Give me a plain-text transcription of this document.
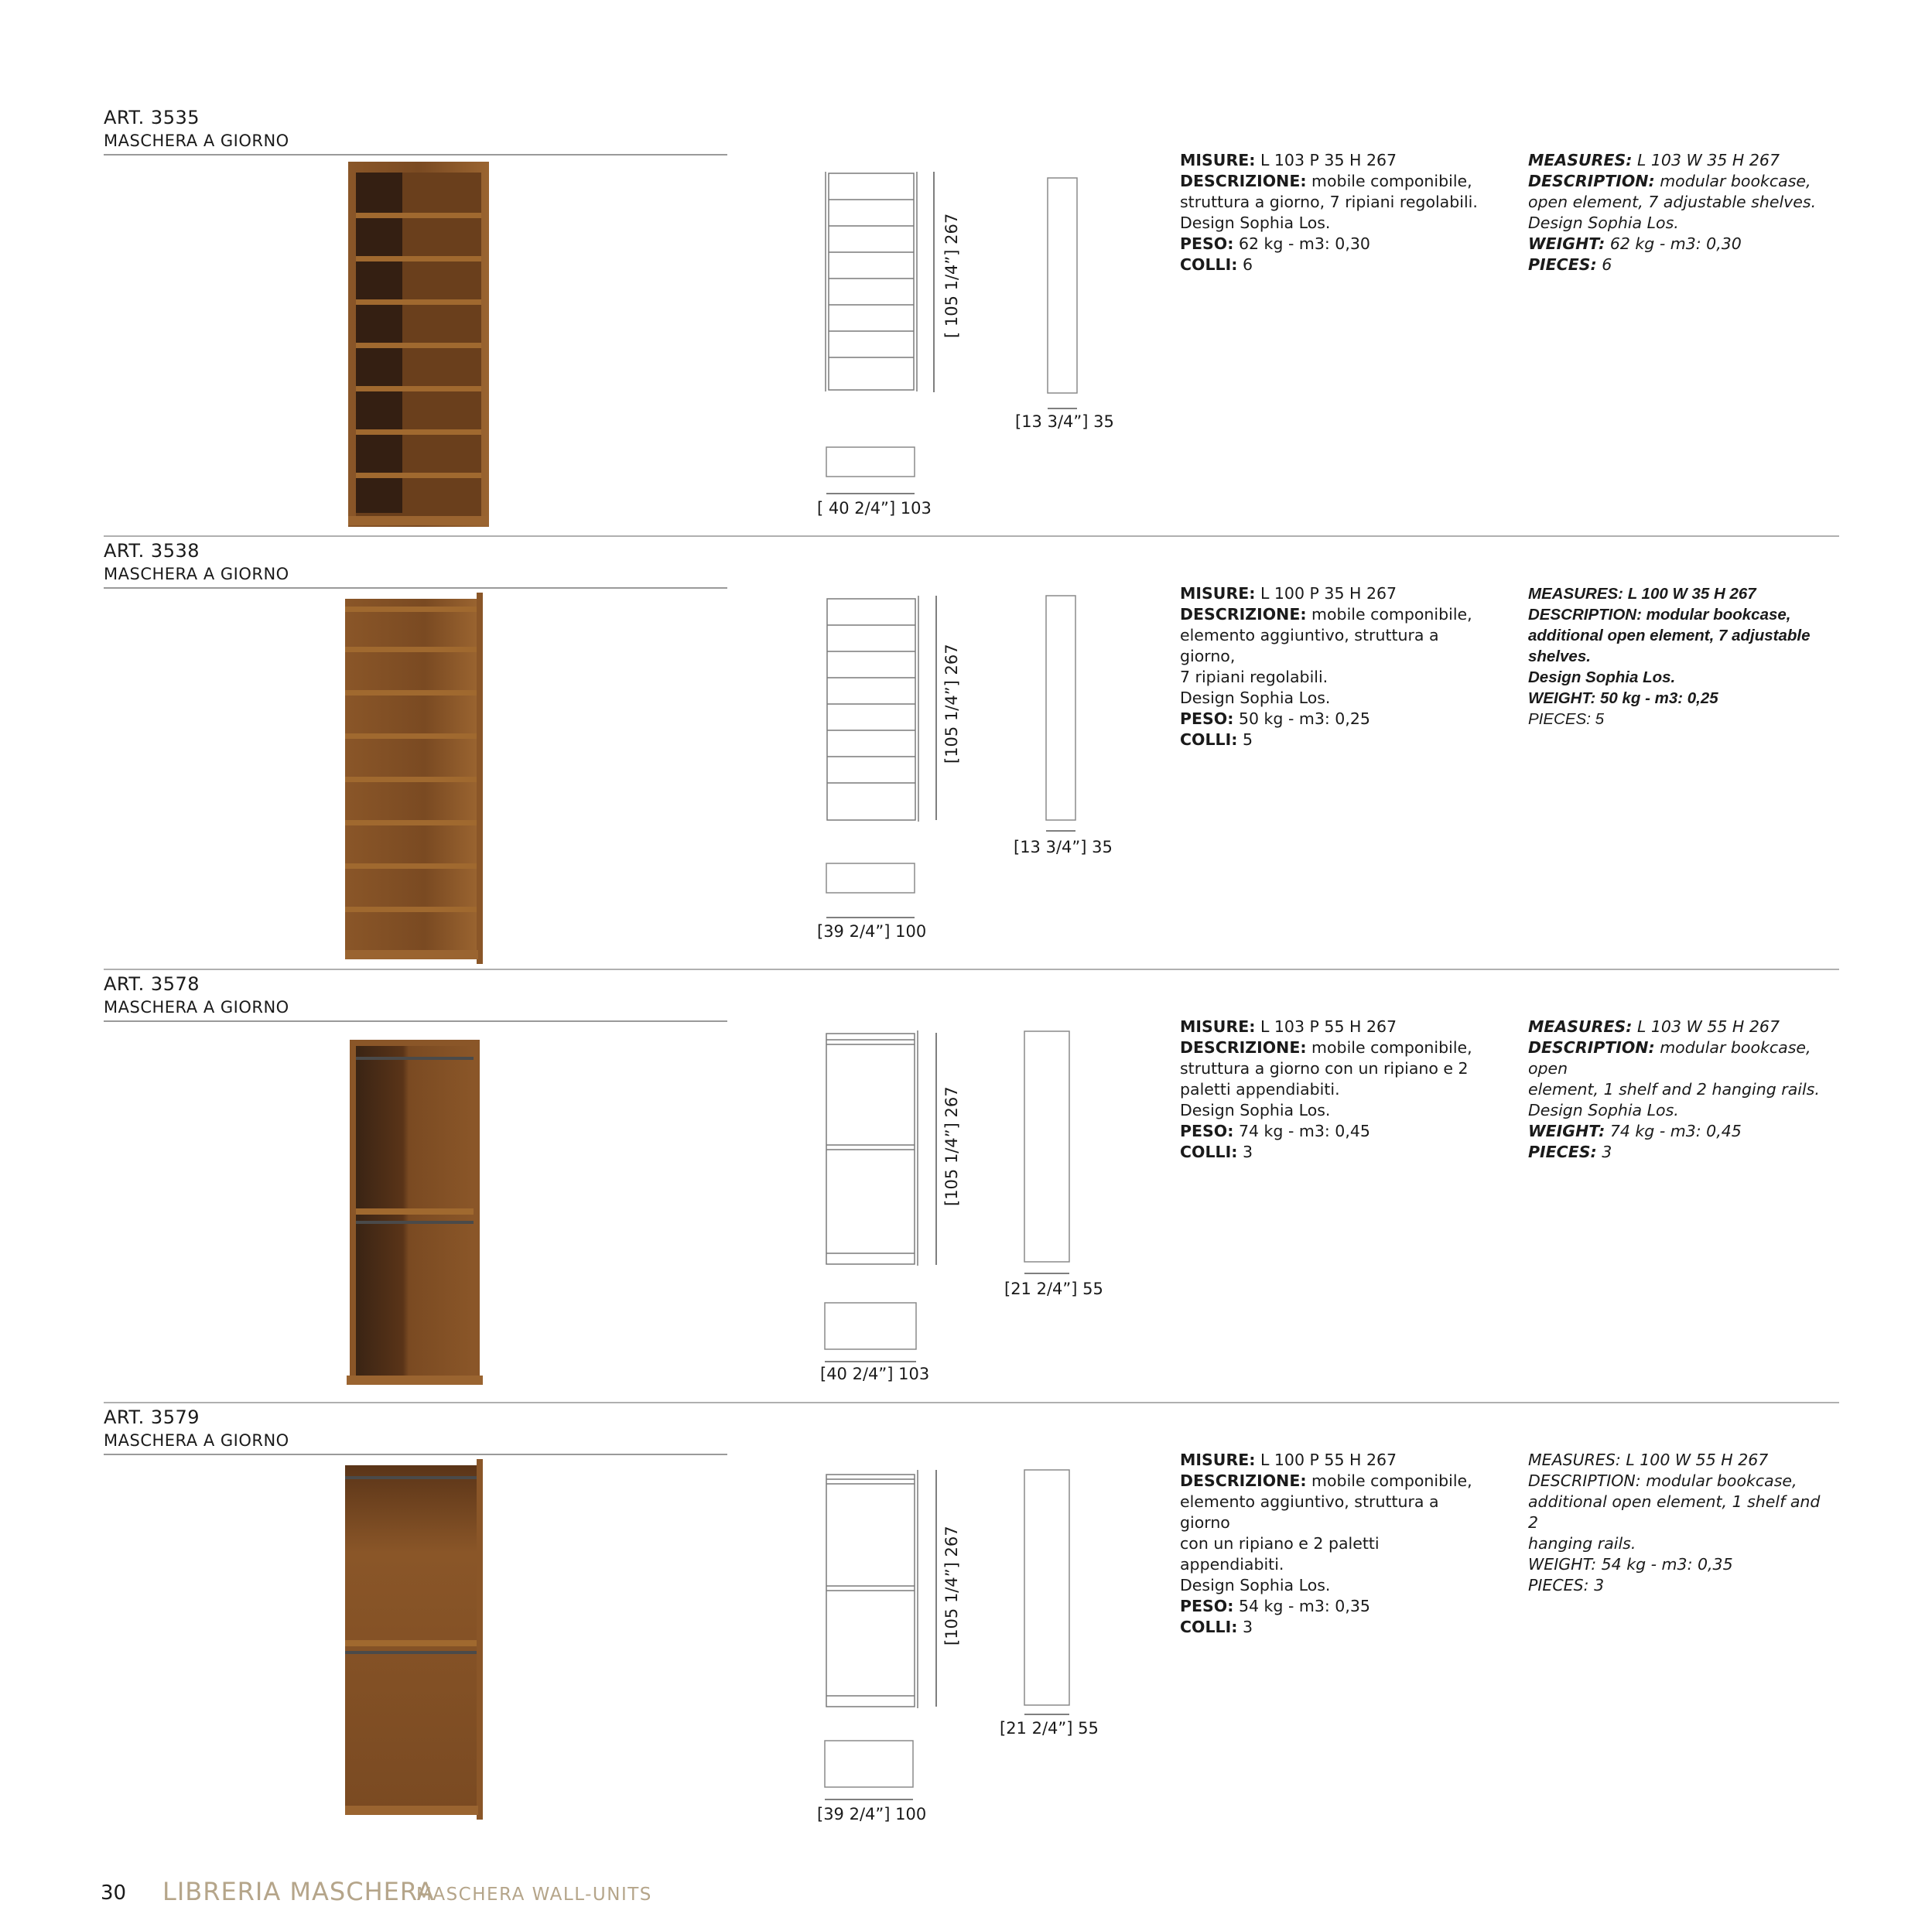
ART. 3535
MASCHERA A GIORNO
[ 105 1/4”] 267
[13 3/4”] 35
[ 40 2/4”] 103
MISURE: L 103 P 35 H 267
DESCRIZIONE: mobile componibile,
struttura a giorno, 7 ripiani regolabili.
Design Sophia Los.
PESO: 62 kg - m3: 0,30
COLLI: 6
MEASURES: L 103 W 35 H 267
DESCRIPTION: modular bookcase,
open element, 7 adjustable shelves.
Design Sophia Los.
WEIGHT: 62 kg - m3: 0,30
PIECES: 6
ART. 3538
MASCHERA A GIORNO
[105 1/4”] 267
[13 3/4”] 35
[39 2/4”] 100
MISURE: L 100 P 35 H 267
DESCRIZIONE: mobile componibile,
elemento aggiuntivo, struttura a giorno,
7 ripiani regolabili.
Design Sophia Los.
PESO: 50 kg - m3: 0,25
COLLI: 5
MEASURES: L 100 W 35 H 267
DESCRIPTION: modular bookcase,
additional open element, 7 adjustable
shelves.
Design Sophia Los.
WEIGHT: 50 kg - m3: 0,25
PIECES: 5
ART. 3578
MASCHERA A GIORNO
[105 1/4”] 267
[21 2/4”] 55
[40 2/4”] 103
MISURE: L 103 P 55 H 267
DESCRIZIONE: mobile componibile,
struttura a giorno con un ripiano e 2
paletti appendiabiti.
Design Sophia Los.
PESO: 74 kg - m3: 0,45
COLLI: 3
MEASURES: L 103 W 55 H 267
DESCRIPTION: modular bookcase, open
element, 1 shelf and 2 hanging rails.
Design Sophia Los.
WEIGHT: 74 kg - m3: 0,45
PIECES: 3
ART. 3579
MASCHERA A GIORNO
[105 1/4”] 267
[21 2/4”] 55
[39 2/4”] 100
MISURE: L 100 P 55 H 267
DESCRIZIONE: mobile componibile,
elemento aggiuntivo, struttura a giorno
con un ripiano e 2 paletti appendiabiti.
Design Sophia Los.
PESO: 54 kg - m3: 0,35
COLLI: 3
MEASURES: L 100 W 55 H 267
DESCRIPTION: modular bookcase,
additional open element, 1 shelf and 2
hanging rails.
WEIGHT: 54 kg - m3: 0,35
PIECES: 3
30 LIBRERIA MASCHERA
MASCHERA WALL-UNITS
